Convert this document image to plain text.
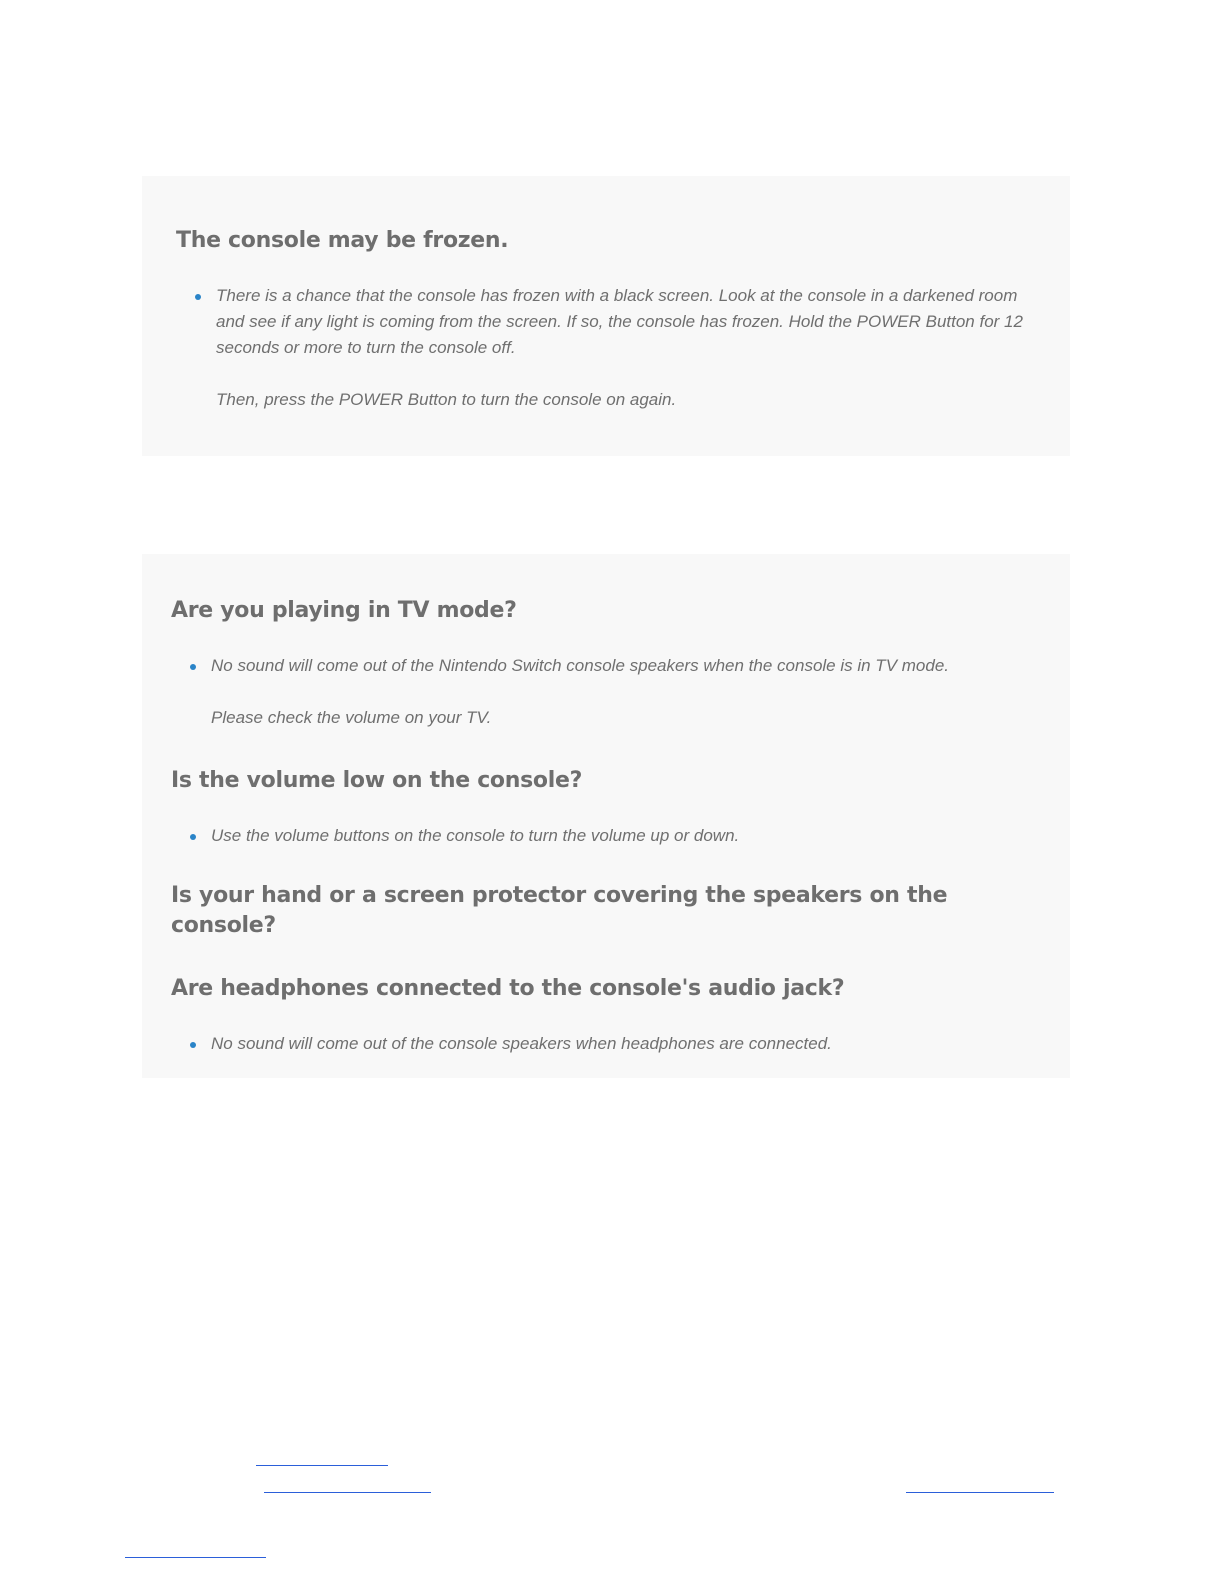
The console may be frozen.
There is a chance that the console has frozen with a black screen. Look at the console in a darkened room and see if any light is coming from the screen. If so, the console has frozen. Hold the POWER Button for 12 seconds or more to turn the console off.
Then, press the POWER Button to turn the console on again.
Are you playing in TV mode?
No sound will come out of the Nintendo Switch console speakers when the console is in TV mode.
Please check the volume on your TV.
Is the volume low on the console?
Use the volume buttons on the console to turn the volume up or down.
Is your hand or a screen protector covering the speakers on the console?
Are headphones connected to the console's audio jack?
No sound will come out of the console speakers when headphones are connected.
